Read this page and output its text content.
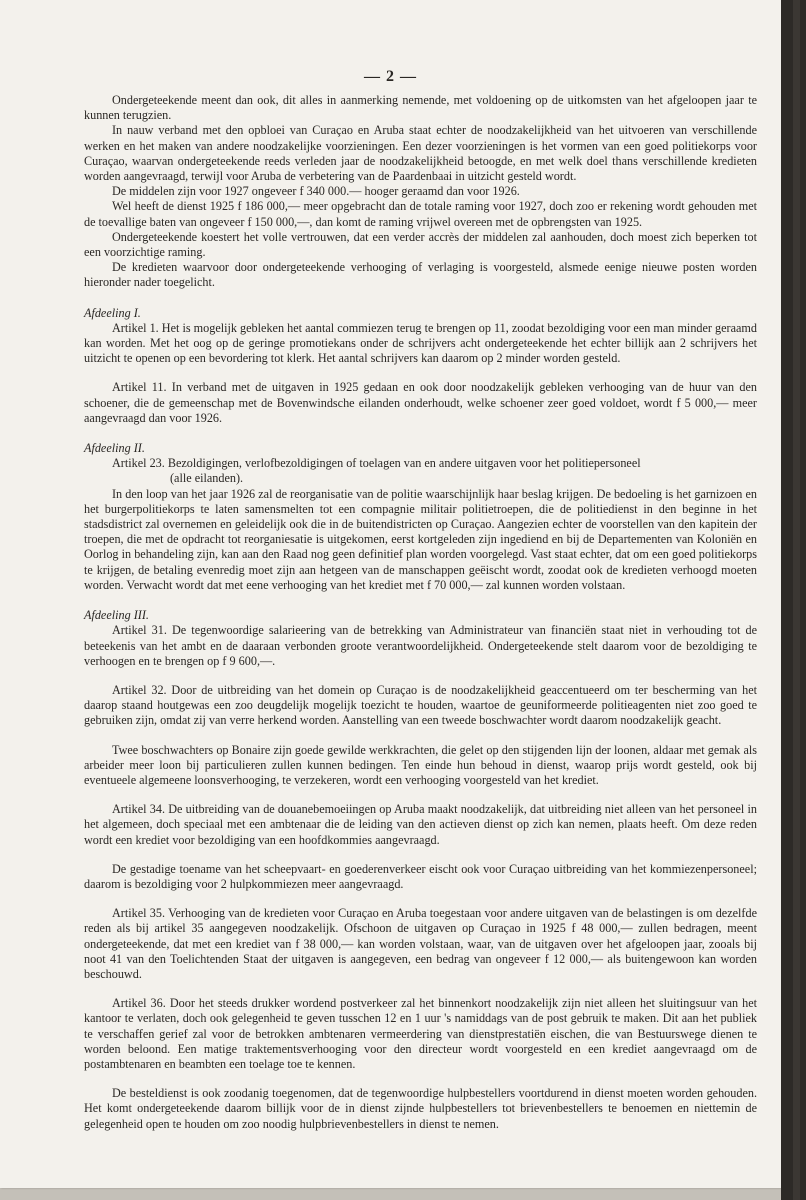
— 2 —

Ondergeteekende meent dan ook, dit alles in aanmerking nemende, met voldoening op de uitkomsten van het afgeloopen jaar te kunnen terugzien.

In nauw verband met den opbloei van Curaçao en Aruba staat echter de noodzakelijkheid van het uitvoeren van verschillende werken en het maken van andere noodzakelijke voorzieningen. Een dezer voorzieningen is het vormen van een goed politiekorps voor Curaçao, waarvan ondergeteekende reeds verleden jaar de noodzakelijkheid betoogde, en met welk doel thans verschillende kredieten worden aangevraagd, terwijl voor Aruba de verbetering van de Paardenbaai in uitzicht gesteld wordt.

De middelen zijn voor 1927 ongeveer f 340 000.— hooger geraamd dan voor 1926.

Wel heeft de dienst 1925 f 186 000,— meer opgebracht dan de totale raming voor 1927, doch zoo er rekening wordt gehouden met de toevallige baten van ongeveer f 150 000,—, dan komt de raming vrijwel overeen met de opbrengsten van 1925.

Ondergeteekende koestert het volle vertrouwen, dat een verder accrès der middelen zal aanhouden, doch moest zich beperken tot een voorzichtige raming.

De kredieten waarvoor door ondergeteekende verhooging of verlaging is voorgesteld, alsmede eenige nieuwe posten worden hieronder nader toegelicht.

Afdeeling I.

Artikel 1. Het is mogelijk gebleken het aantal commiezen terug te brengen op 11, zoodat bezoldiging voor een man minder geraamd kan worden. Met het oog op de geringe promotiekans onder de schrijvers acht ondergeteekende het echter billijk aan 2 schrijvers het uitzicht te openen op een bevordering tot klerk. Het aantal schrijvers kan daarom op 2 minder worden gesteld.

Artikel 11. In verband met de uitgaven in 1925 gedaan en ook door noodzakelijk gebleken verhooging van de huur van den schoener, die de gemeenschap met de Bovenwindsche eilanden onderhoudt, welke schoener zeer goed voldoet, wordt f 5 000,— meer aangevraagd dan voor 1926.

Afdeeling II.

Artikel 23. Bezoldigingen, verlofbezoldigingen of toelagen van en andere uitgaven voor het politiepersoneel

(alle eilanden).

In den loop van het jaar 1926 zal de reorganisatie van de politie waarschijnlijk haar beslag krijgen. De bedoeling is het garnizoen en het burgerpolitiekorps te laten samensmelten tot een compagnie militair politietroepen, die de politiedienst in den beginne in het stadsdistrict zal overnemen en geleidelijk ook die in de buitendistricten op Curaçao. Aangezien echter de voorstellen van den kapitein der troepen, die met de opdracht tot reorganiesatie is uitgekomen, eerst kortgeleden zijn ingediend en bij de Departementen van Koloniën en Oorlog in behandeling zijn, kan aan den Raad nog geen definitief plan worden voorgelegd. Vast staat echter, dat om een goed politiekorps te krijgen, de betaling evenredig moet zijn aan hetgeen van de manschappen geëischt wordt, zoodat ook de kredieten verhoogd moeten worden. Verwacht wordt dat met eene verhooging van het krediet met f 70 000,— zal kunnen worden volstaan.

Afdeeling III.

Artikel 31. De tegenwoordige salarieering van de betrekking van Administrateur van financiën staat niet in verhouding tot de beteekenis van het ambt en de daaraan verbonden groote verantwoordelijkheid. Ondergeteekende stelt daarom voor de bezoldiging te verhoogen en te brengen op f 9 600,—.

Artikel 32. Door de uitbreiding van het domein op Curaçao is de noodzakelijkheid geaccentueerd om ter bescherming van het daarop staand houtgewas een zoo deugdelijk mogelijk toezicht te houden, waartoe de geuniformeerde politieagenten niet zoo goed te gebruiken zijn, omdat zij van verre herkend worden. Aanstelling van een tweede boschwachter wordt daarom noodzakelijk geacht.

Twee boschwachters op Bonaire zijn goede gewilde werkkrachten, die gelet op den stijgenden lijn der loonen, aldaar met gemak als arbeider meer loon bij particulieren zullen kunnen bedingen. Ten einde hun behoud in dienst, waarop prijs wordt gesteld, ook bij eventueele algemeene loonsverhooging, te verzekeren, wordt een verhooging voorgesteld van het krediet.

Artikel 34. De uitbreiding van de douanebemoeiingen op Aruba maakt noodzakelijk, dat uitbreiding niet alleen van het personeel in het algemeen, doch speciaal met een ambtenaar die de leiding van den actieven dienst op zich kan nemen, plaats heeft. Om deze reden wordt een krediet voor bezoldiging van een hoofdkommies aangevraagd.

De gestadige toename van het scheepvaart- en goederenverkeer eischt ook voor Curaçao uitbreiding van het kommiezenpersoneel; daarom is bezoldiging voor 2 hulpkommiezen meer aangevraagd.

Artikel 35. Verhooging van de kredieten voor Curaçao en Aruba toegestaan voor andere uitgaven van de belastingen is om dezelfde reden als bij artikel 35 aangegeven noodzakelijk. Ofschoon de uitgaven op Curaçao in 1925 f 48 000,— zullen bedragen, meent ondergeteekende, dat met een krediet van f 38 000,— kan worden volstaan, waar, van de uitgaven over het afgeloopen jaar, zooals bij noot 41 van den Toelichtenden Staat der uitgaven is aangegeven, een bedrag van ongeveer f 12 000,— als buitengewoon kan worden beschouwd.

Artikel 36. Door het steeds drukker wordend postverkeer zal het binnenkort noodzakelijk zijn niet alleen het sluitingsuur van het kantoor te verlaten, doch ook gelegenheid te geven tusschen 12 en 1 uur 's namiddags van de post gebruik te maken. Dit aan het publiek te verschaffen gerief zal voor de betrokken ambtenaren vermeerdering van dienstprestatiën eischen, die van Bestuurswege dienen te worden beloond. Een matige traktementsverhooging voor den directeur wordt voorgesteld en een krediet aangevraagd om de postambtenaren en beambten een toelage toe te kennen.

De besteldienst is ook zoodanig toegenomen, dat de tegenwoordige hulpbestellers voortdurend in dienst moeten worden gehouden. Het komt ondergeteekende daarom billijk voor de in dienst zijnde hulpbestellers tot brievenbestellers te benoemen en niettemin de gelegenheid open te houden om zoo noodig hulpbrievenbestellers in dienst te nemen.
